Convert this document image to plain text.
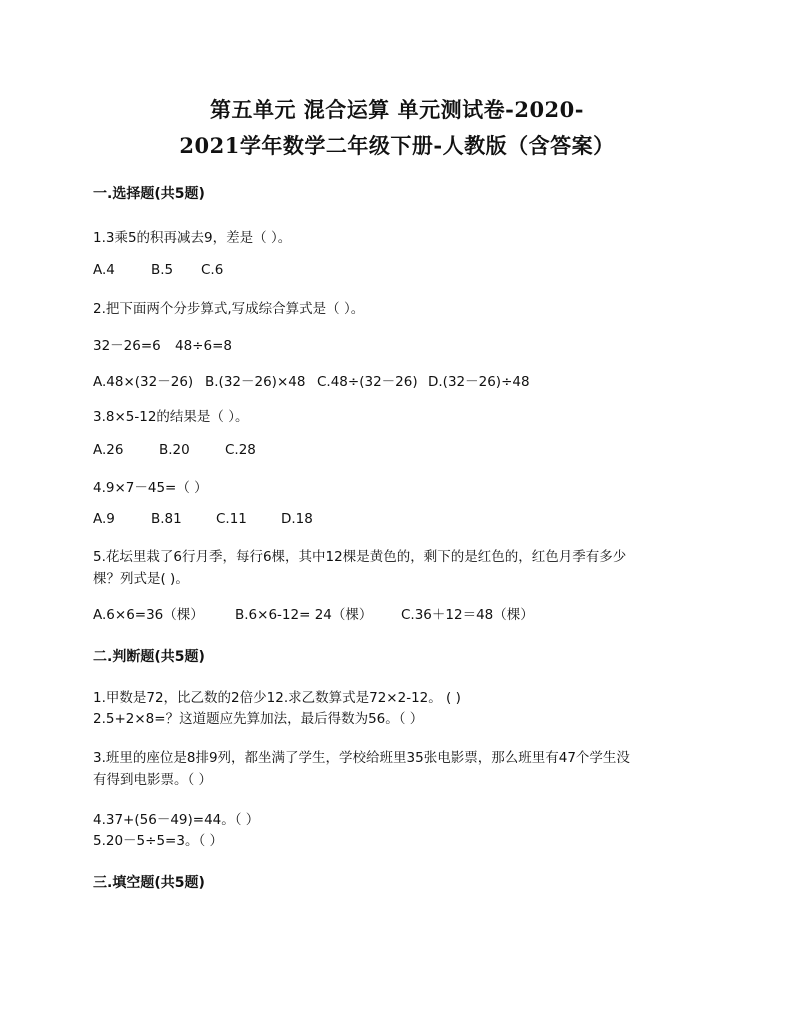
第五单元 混合运算 单元测试卷-2020-
2021学年数学二年级下册-人教版（含答案）
一.选择题(共5题)
1.3乘5的积再减去9，差是（ ）。
A.4	B.5 C.6
2.把下面两个分步算式,写成综合算式是（ ）。
32－26=6 48÷6=8
A.48×(32－26) B.(32－26)×48 C.48÷(32－26) D.(32－26)÷48
3.8×5-12的结果是（ ）。
A.26	B.20	C.28
4.9×7－45=（ ）
A.9	B.81	C.11	D.18
5.花坛里栽了6行月季，每行6棵，其中12棵是黄色的，剩下的是红色的，红色月季有多少
棵？列式是( )。
A.6×6=36（棵） B.6×6-12= 24（棵） C.36＋12＝48（棵）
二.判断题(共5题)
1.甲数是72，比乙数的2倍少12.求乙数算式是72×2-12。 ( )
2.5+2×8=？这道题应先算加法，最后得数为56。（ ）
3.班里的座位是8排9列，都坐满了学生，学校给班里35张电影票，那么班里有47个学生没
有得到电影票。（ ）
4.37+(56－49)=44。（ ）
5.20－5÷5=3。（ ）
三.填空题(共5题)
